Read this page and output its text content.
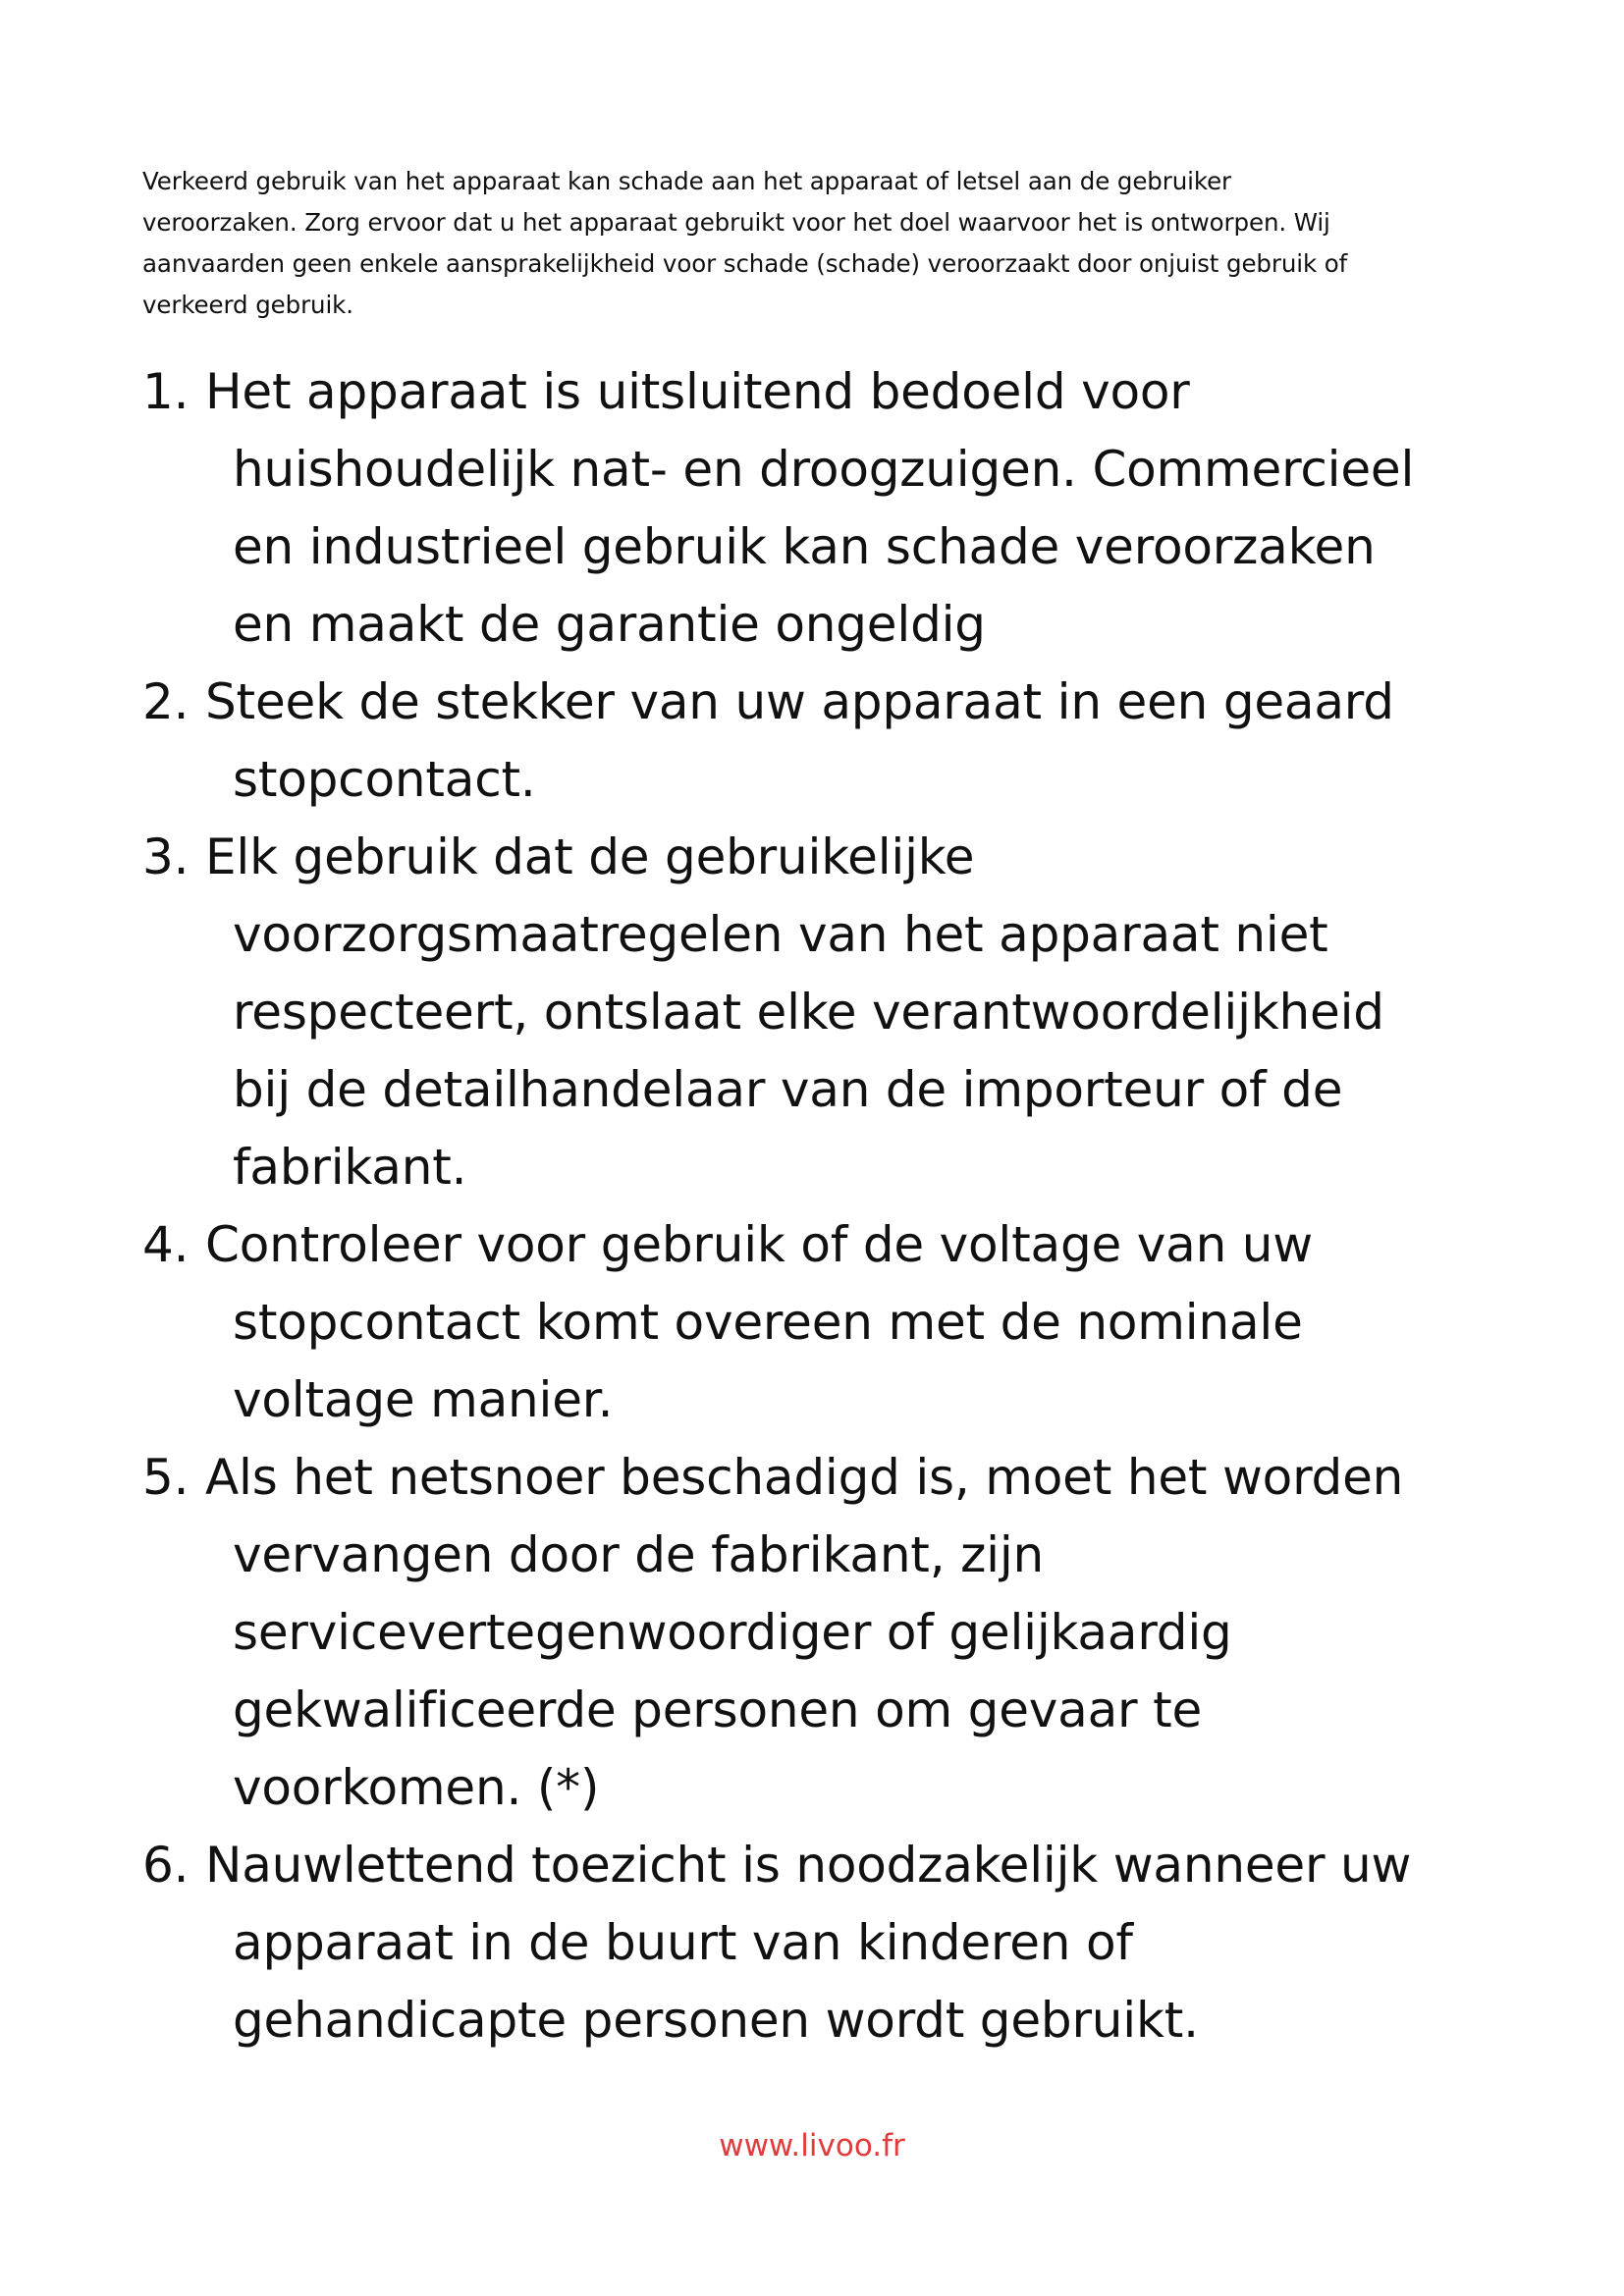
Verkeerd gebruik van het apparaat kan schade aan het apparaat of letsel aan de gebruiker
veroorzaken. Zorg ervoor dat u het apparaat gebruikt voor het doel waarvoor het is ontworpen. Wij
aanvaarden geen enkele aansprakelijkheid voor schade (schade) veroorzaakt door onjuist gebruik of
verkeerd gebruik.

1. Het apparaat is uitsluitend bedoeld voor
huishoudelijk nat- en droogzuigen. Commercieel
en industrieel gebruik kan schade veroorzaken
en maakt de garantie ongeldig
2. Steek de stekker van uw apparaat in een geaard
stopcontact.
3. Elk gebruik dat de gebruikelijke
voorzorgsmaatregelen van het apparaat niet
respecteert, ontslaat elke verantwoordelijkheid
bij de detailhandelaar van de importeur of de
fabrikant.
4. Controleer voor gebruik of de voltage van uw
stopcontact komt overeen met de nominale
voltage manier.
5. Als het netsnoer beschadigd is, moet het worden
vervangen door de fabrikant, zijn
servicevertegenwoordiger of gelijkaardig
gekwalificeerde personen om gevaar te
voorkomen. (*)
6. Nauwlettend toezicht is noodzakelijk wanneer uw
apparaat in de buurt van kinderen of
gehandicapte personen wordt gebruikt.

www.livoo.fr
